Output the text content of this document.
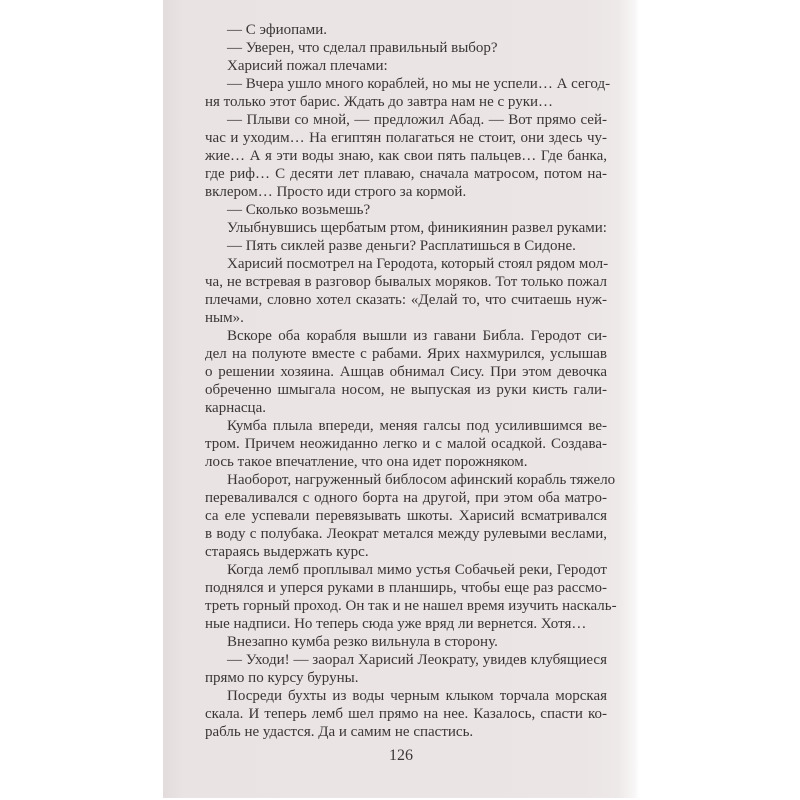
— С эфиопами.
— Уверен, что сделал правильный выбор?
Харисий пожал плечами:
— Вчера ушло много кораблей, но мы не успели… А сегод-
ня только этот барис. Ждать до завтра нам не с руки…
— Плыви со мной, — предложил Абад. — Вот прямо сей-
час и уходим… На египтян полагаться не стоит, они здесь чу-
жие… А я эти воды знаю, как свои пять пальцев… Где банка,
где риф… С десяти лет плаваю, сначала матросом, потом на-
вклером… Просто иди строго за кормой.
— Сколько возьмешь?
Улыбнувшись щербатым ртом, финикиянин развел руками:
— Пять сиклей разве деньги? Расплатишься в Сидоне.
Харисий посмотрел на Геродота, который стоял рядом мол-
ча, не встревая в разговор бывалых моряков. Тот только пожал
плечами, словно хотел сказать: «Делай то, что считаешь нуж-
ным».
Вскоре оба корабля вышли из гавани Библа. Геродот си-
дел на полуюте вместе с рабами. Ярих нахмурился, услышав
о решении хозяина. Ашцав обнимал Сису. При этом девочка
обреченно шмыгала носом, не выпуская из руки кисть гали-
карнасца.
Кумба плыла впереди, меняя галсы под усилившимся ве-
тром. Причем неожиданно легко и с малой осадкой. Создава-
лось такое впечатление, что она идет порожняком.
Наоборот, нагруженный библосом афинский корабль тяжело
переваливался с одного борта на другой, при этом оба матро-
са еле успевали перевязывать шкоты. Харисий всматривался
в воду с полубака. Леократ метался между рулевыми веслами,
стараясь выдержать курс.
Когда лемб проплывал мимо устья Собачьей реки, Геродот
поднялся и уперся руками в планширь, чтобы еще раз рассмо-
треть горный проход. Он так и не нашел время изучить наскаль-
ные надписи. Но теперь сюда уже вряд ли вернется. Хотя…
Внезапно кумба резко вильнула в сторону.
— Уходи! — заорал Харисий Леократу, увидев клубящиеся
прямо по курсу буруны.
Посреди бухты из воды черным клыком торчала морская
скала. И теперь лемб шел прямо на нее. Казалось, спасти ко-
рабль не удастся. Да и самим не спастись.
126
